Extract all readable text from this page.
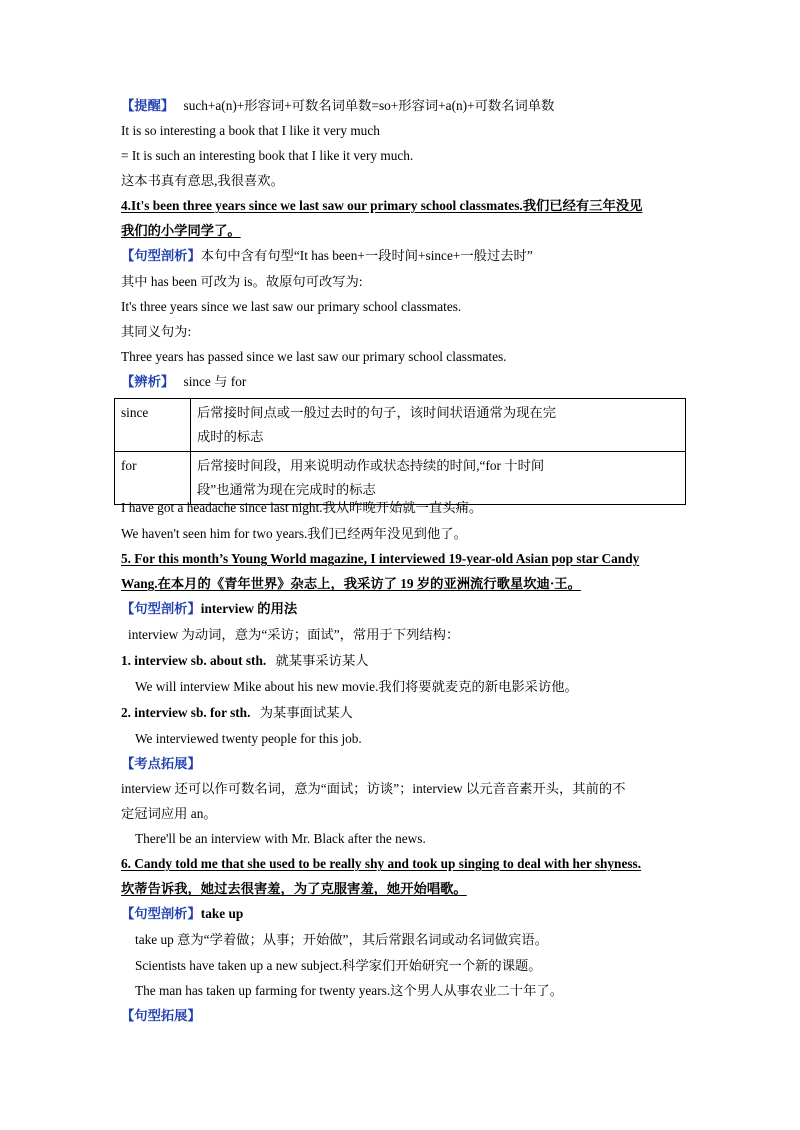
【提醒】 such+a(n)+形容词+可数名词单数=so+形容词+a(n)+可数名词单数
It is so interesting a book that I like it very much
= It is such an interesting book that I like it very much.
这本书真有意思,我很喜欢。
4.It's been three years since we last saw our primary school classmates.我们已经有三年没见
我们的小学同学了。
【句型剖析】本句中含有句型“It has been+一段时间+since+一般过去时”
其中 has been 可改为 is。故原句可改写为:
It's three years since we last saw our primary school classmates.
其同义句为:
Three years has passed since we last saw our primary school classmates.
【辨析】 since 与 for
since	后常接时间点或一般过去时的句子，该时间状语通常为现在完成时的标志

for	后常接时间段，用来说明动作或状态持续的时间,“for 十时间段”也通常为现在完成时的标志
I have got a headache since last night.我从昨晚开始就一直头痛。
We haven't seen him for two years.我们已经两年没见到他了。
5. For this month’s Young World magazine, I interviewed 19-year-old Asian pop star Candy
Wang.在本月的《青年世界》杂志上，我采访了 19 岁的亚洲流行歌星坎迪·王。
【句型剖析】interview 的用法
interview 为动词，意为“采访；面试”，常用于下列结构：
1. interview sb. about sth. 就某事采访某人
We will interview Mike about his new movie.我们将要就麦克的新电影采访他。
2. interview sb. for sth. 为某事面试某人
We interviewed twenty people for this job.
【考点拓展】
interview 还可以作可数名词，意为“面试；访谈”；interview 以元音音素开头，其前的不
定冠词应用 an。
There'll be an interview with Mr. Black after the news.
6. Candy told me that she used to be really shy and took up singing to deal with her shyness.
坎蒂告诉我，她过去很害羞，为了克服害羞，她开始唱歌。
【句型剖析】take up
take up 意为“学着做；从事；开始做”，其后常跟名词或动名词做宾语。
Scientists have taken up a new subject.科学家们开始研究一个新的课题。
The man has taken up farming for twenty years.这个男人从事农业二十年了。
【句型拓展】
